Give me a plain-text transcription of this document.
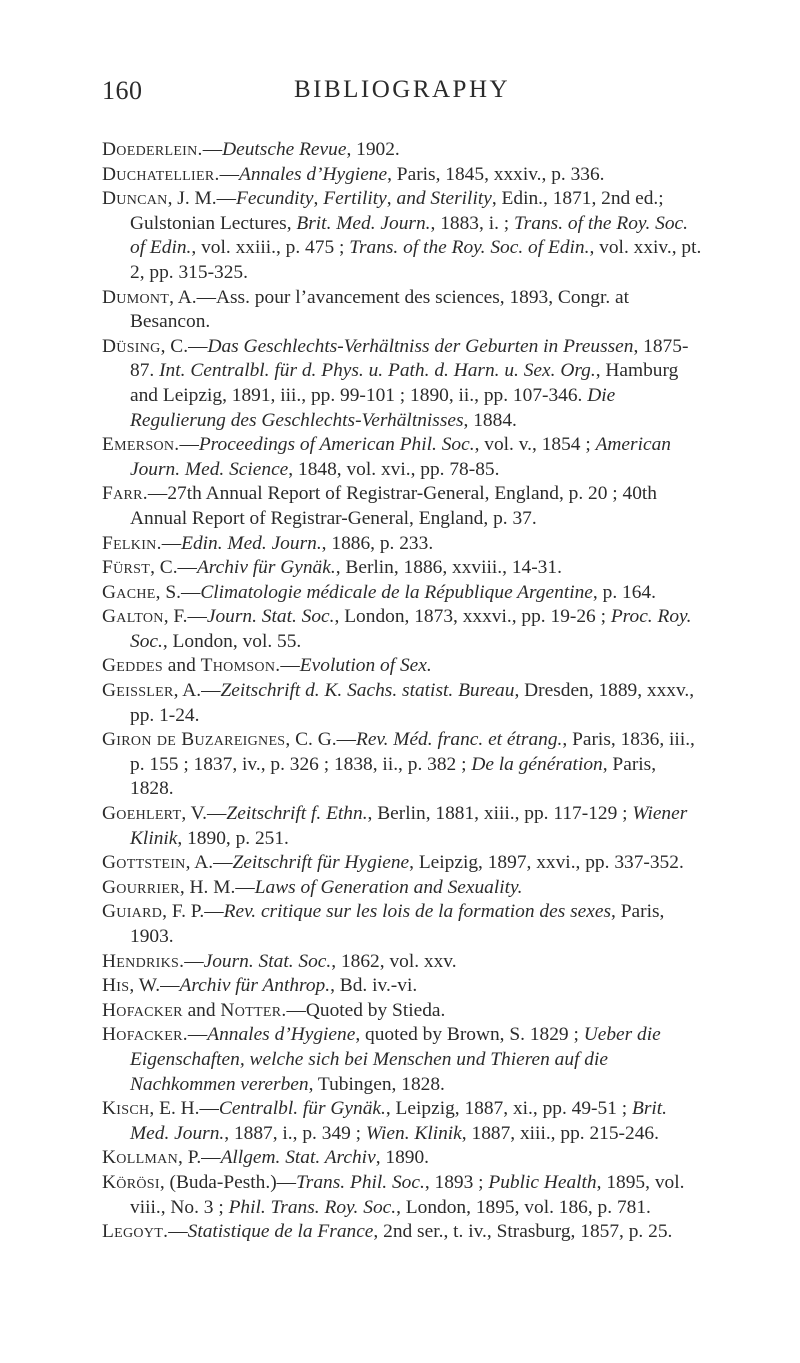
160	BIBLIOGRAPHY
Doederlein.—Deutsche Revue, 1902.
Duchatellier.—Annales d’Hygiene, Paris, 1845, xxxiv., p. 336.
Duncan, J. M.—Fecundity, Fertility, and Sterility, Edin., 1871, 2nd ed.; Gulstonian Lectures, Brit. Med. Journ., 1883, i. ; Trans. of the Roy. Soc. of Edin., vol. xxiii., p. 475 ; Trans. of the Roy. Soc. of Edin., vol. xxiv., pt. 2, pp. 315-325.
Dumont, A.—Ass. pour l’avancement des sciences, 1893, Congr. at Besancon.
Düsing, C.—Das Geschlechts-Verhältniss der Geburten in Preussen, 1875-87. Int. Centralbl. für d. Phys. u. Path. d. Harn. u. Sex. Org., Hamburg and Leipzig, 1891, iii., pp. 99-101 ; 1890, ii., pp. 107-346. Die Regulierung des Geschlechts-Verhältnisses, 1884.
Emerson.—Proceedings of American Phil. Soc., vol. v., 1854 ; American Journ. Med. Science, 1848, vol. xvi., pp. 78-85.
Farr.—27th Annual Report of Registrar-General, England, p. 20 ; 40th Annual Report of Registrar-General, England, p. 37.
Felkin.—Edin. Med. Journ., 1886, p. 233.
Fürst, C.—Archiv für Gynäk., Berlin, 1886, xxviii., 14-31.
Gache, S.—Climatologie médicale de la République Argentine, p. 164.
Galton, F.—Journ. Stat. Soc., London, 1873, xxxvi., pp. 19-26 ; Proc. Roy. Soc., London, vol. 55.
Geddes and Thomson.—Evolution of Sex.
Geissler, A.—Zeitschrift d. K. Sachs. statist. Bureau, Dresden, 1889, xxxv., pp. 1-24.
Giron de Buzareignes, C. G.—Rev. Méd. franc. et étrang., Paris, 1836, iii., p. 155 ; 1837, iv., p. 326 ; 1838, ii., p. 382 ; De la génération, Paris, 1828.
Goehlert, V.—Zeitschrift f. Ethn., Berlin, 1881, xiii., pp. 117-129 ; Wiener Klinik, 1890, p. 251.
Gottstein, A.—Zeitschrift für Hygiene, Leipzig, 1897, xxvi., pp. 337-352.
Gourrier, H. M.—Laws of Generation and Sexuality.
Guiard, F. P.—Rev. critique sur les lois de la formation des sexes, Paris, 1903.
Hendriks.—Journ. Stat. Soc., 1862, vol. xxv.
His, W.—Archiv für Anthrop., Bd. iv.-vi.
Hofacker and Notter.—Quoted by Stieda.
Hofacker.—Annales d’Hygiene, quoted by Brown, S. 1829 ; Ueber die Eigenschaften, welche sich bei Menschen und Thieren auf die Nachkommen vererben, Tubingen, 1828.
Kisch, E. H.—Centralbl. für Gynäk., Leipzig, 1887, xi., pp. 49-51 ; Brit. Med. Journ., 1887, i., p. 349 ; Wien. Klinik, 1887, xiii., pp. 215-246.
Kollman, P.—Allgem. Stat. Archiv, 1890.
Körösi, (Buda-Pesth.)—Trans. Phil. Soc., 1893 ; Public Health, 1895, vol. viii., No. 3 ; Phil. Trans. Roy. Soc., London, 1895, vol. 186, p. 781.
Legoyt.—Statistique de la France, 2nd ser., t. iv., Strasburg, 1857, p. 25.
